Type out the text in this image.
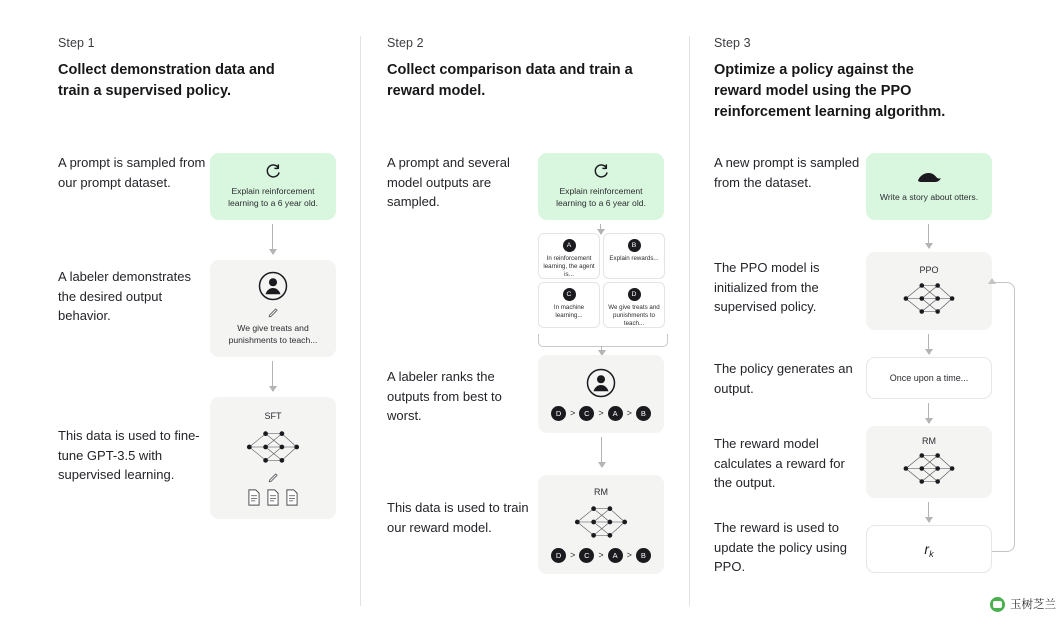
Step 1
Collect demonstration data and train a supervised policy.
A prompt is sampled from our prompt dataset.
A labeler demonstrates the desired output behavior.
This data is used to fine-tune GPT-3.5 with supervised learning.
Explain reinforcement learning to a 6 year old.
We give treats and punishments to teach...
SFT
Step 2
Collect comparison data and train a reward model.
A prompt and several model outputs are sampled.
A labeler ranks the outputs from best to worst.
This data is used to train our reward model.
Explain reinforcement learning to a 6 year old.
A
In reinforcement learning, the agent is...
B
Explain rewards...
C
In machine learning...
D
We give treats and punishments to teach...
D >	C >	A	>	B
RM
D >	C >	A	>	B
Step 3
Optimize a policy against the reward model using the PPO reinforcement learning algorithm.
A new prompt is sampled from the dataset.
The PPO model is initialized from the supervised policy.
The policy generates an output.
The reward model calculates a reward for the output.
The reward is used to update the policy using PPO.
Write a story about otters.
PPO
Once upon a time...
RM
$r_k$
玉树芝兰
